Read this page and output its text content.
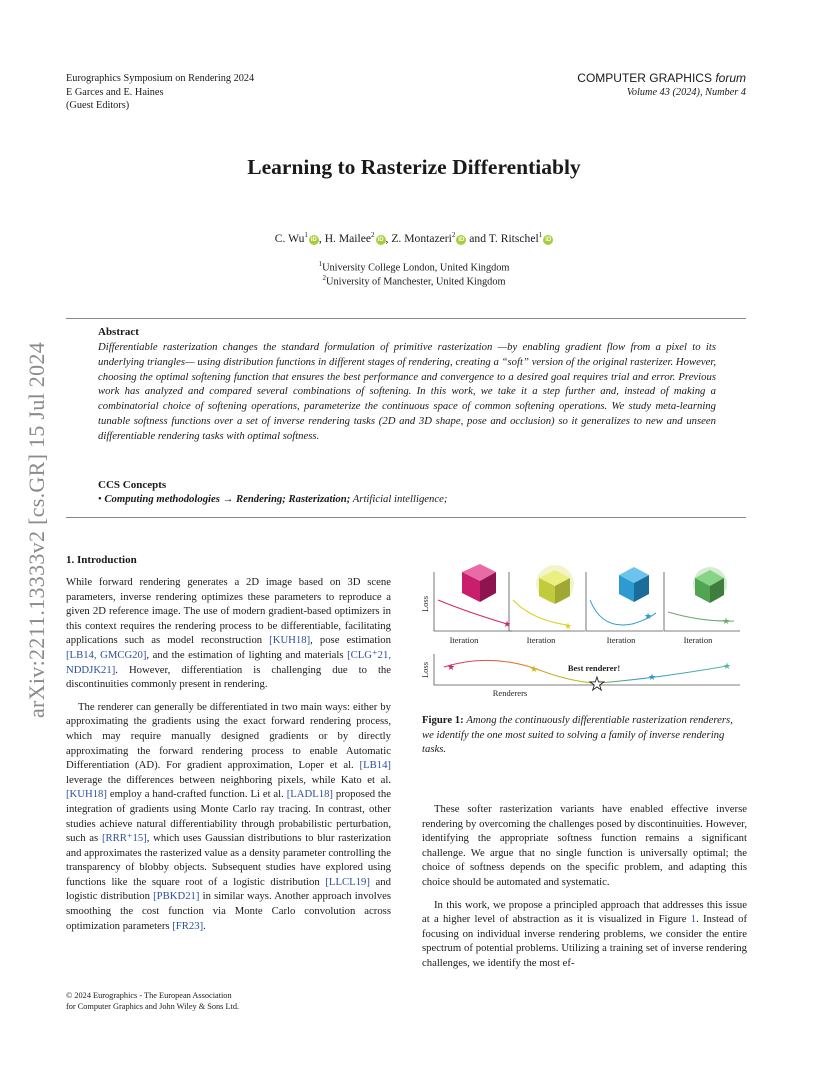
Eurographics Symposium on Rendering 2024
E Garces and E. Haines
(Guest Editors)
COMPUTER GRAPHICS forum
Volume 43 (2024), Number 4
Learning to Rasterize Differentiably
C. Wu$^1$iD , H. Mailee$^2$iD , Z. Montazeri$^2$iD and T. Ritschel$^1$iD
$^1$University College London, United Kingdom
$^2$University of Manchester, United Kingdom
Abstract
Differentiable rasterization changes the standard formulation of primitive rasterization —by enabling gradient flow from a pixel to its underlying triangles— using distribution functions in different stages of rendering, creating a “soft” version of the original rasterizer. However, choosing the optimal softening function that ensures the best performance and convergence to a desired goal requires trial and error. Previous work has analyzed and compared several combinations of softening. In this work, we take it a step further and, instead of making a combinatorial choice of softening operations, parameterize the continuous space of common softening operations. We study meta-learning tunable softness functions over a set of inverse rendering tasks (2D and 3D shape, pose and occlusion) so it generalizes to new and unseen differentiable rendering tasks with optimal softness.
CCS Concepts
• Computing methodologies → Rendering; Rasterization; Artificial intelligence;
arXiv:2211.13333v2 [cs.GR] 15 Jul 2024 1. Introduction

While forward rendering generates a 2D image based on 3D scene parameters, inverse rendering optimizes these parameters to reproduce a given 2D reference image. The use of modern gradient-based optimizers in this context requires the rendering process to be differentiable, facilitating applications such as model reconstruction [KUH18], pose estimation [LB14, GMCG20], and the estimation of lighting and materials [CLG⁺21, NDDJK21]. However, differentiation is challenging due to the discontinuities commonly present in rendering.

The renderer can generally be differentiated in two main ways: either by approximating the gradients using the exact forward rendering process, which may require manually designed gradients or by directly approximating the forward rendering process to enable Automatic Differentiation (AD). For gradient approximation, Loper et al. [LB14] leverage the differences between neighboring pixels, while Kato et al. [KUH18] employ a hand-crafted function. Li et al. [LADL18] proposed the integration of gradients using Monte Carlo ray tracing. In contrast, other studies achieve natural differentiability through probabilistic perturbation, such as [RRR⁺15], which uses Gaussian distributions to blur rasterization and approximates the rasterized value as a density parameter controlling the transparency of blobby objects. Subsequent studies have explored using functions like the square root of a logistic distribution [LLCL19] and logistic distribution [PBKD21] in similar ways. Another approach involves smoothing the cost function via Monte Carlo convolution across optimization parameters [FR23].

Loss
★	★
★	★
Iteration	Iteration	Iteration	Iteration
Loss ★	★
★
★
★
Best renderer!
Renderers
Figure 1: Among the continuously differentiable rasterization renderers, we identify the one most suited to solving a family of inverse rendering tasks.

These softer rasterization variants have enabled effective inverse rendering by overcoming the challenges posed by discontinuities. However, identifying the appropriate softness function remains a significant challenge. We argue that no single function is universally optimal; the choice of softness depends on the specific problem, and adapting this choice should be automated and systematic.

In this work, we propose a principled approach that addresses this issue at a higher level of abstraction as it is visualized in Figure 1. Instead of focusing on individual inverse rendering problems, we consider the entire spectrum of potential problems. Utilizing a training set of inverse rendering challenges, we identify the most ef-

© 2024 Eurographics - The European Association
for Computer Graphics and John Wiley & Sons Ltd.
